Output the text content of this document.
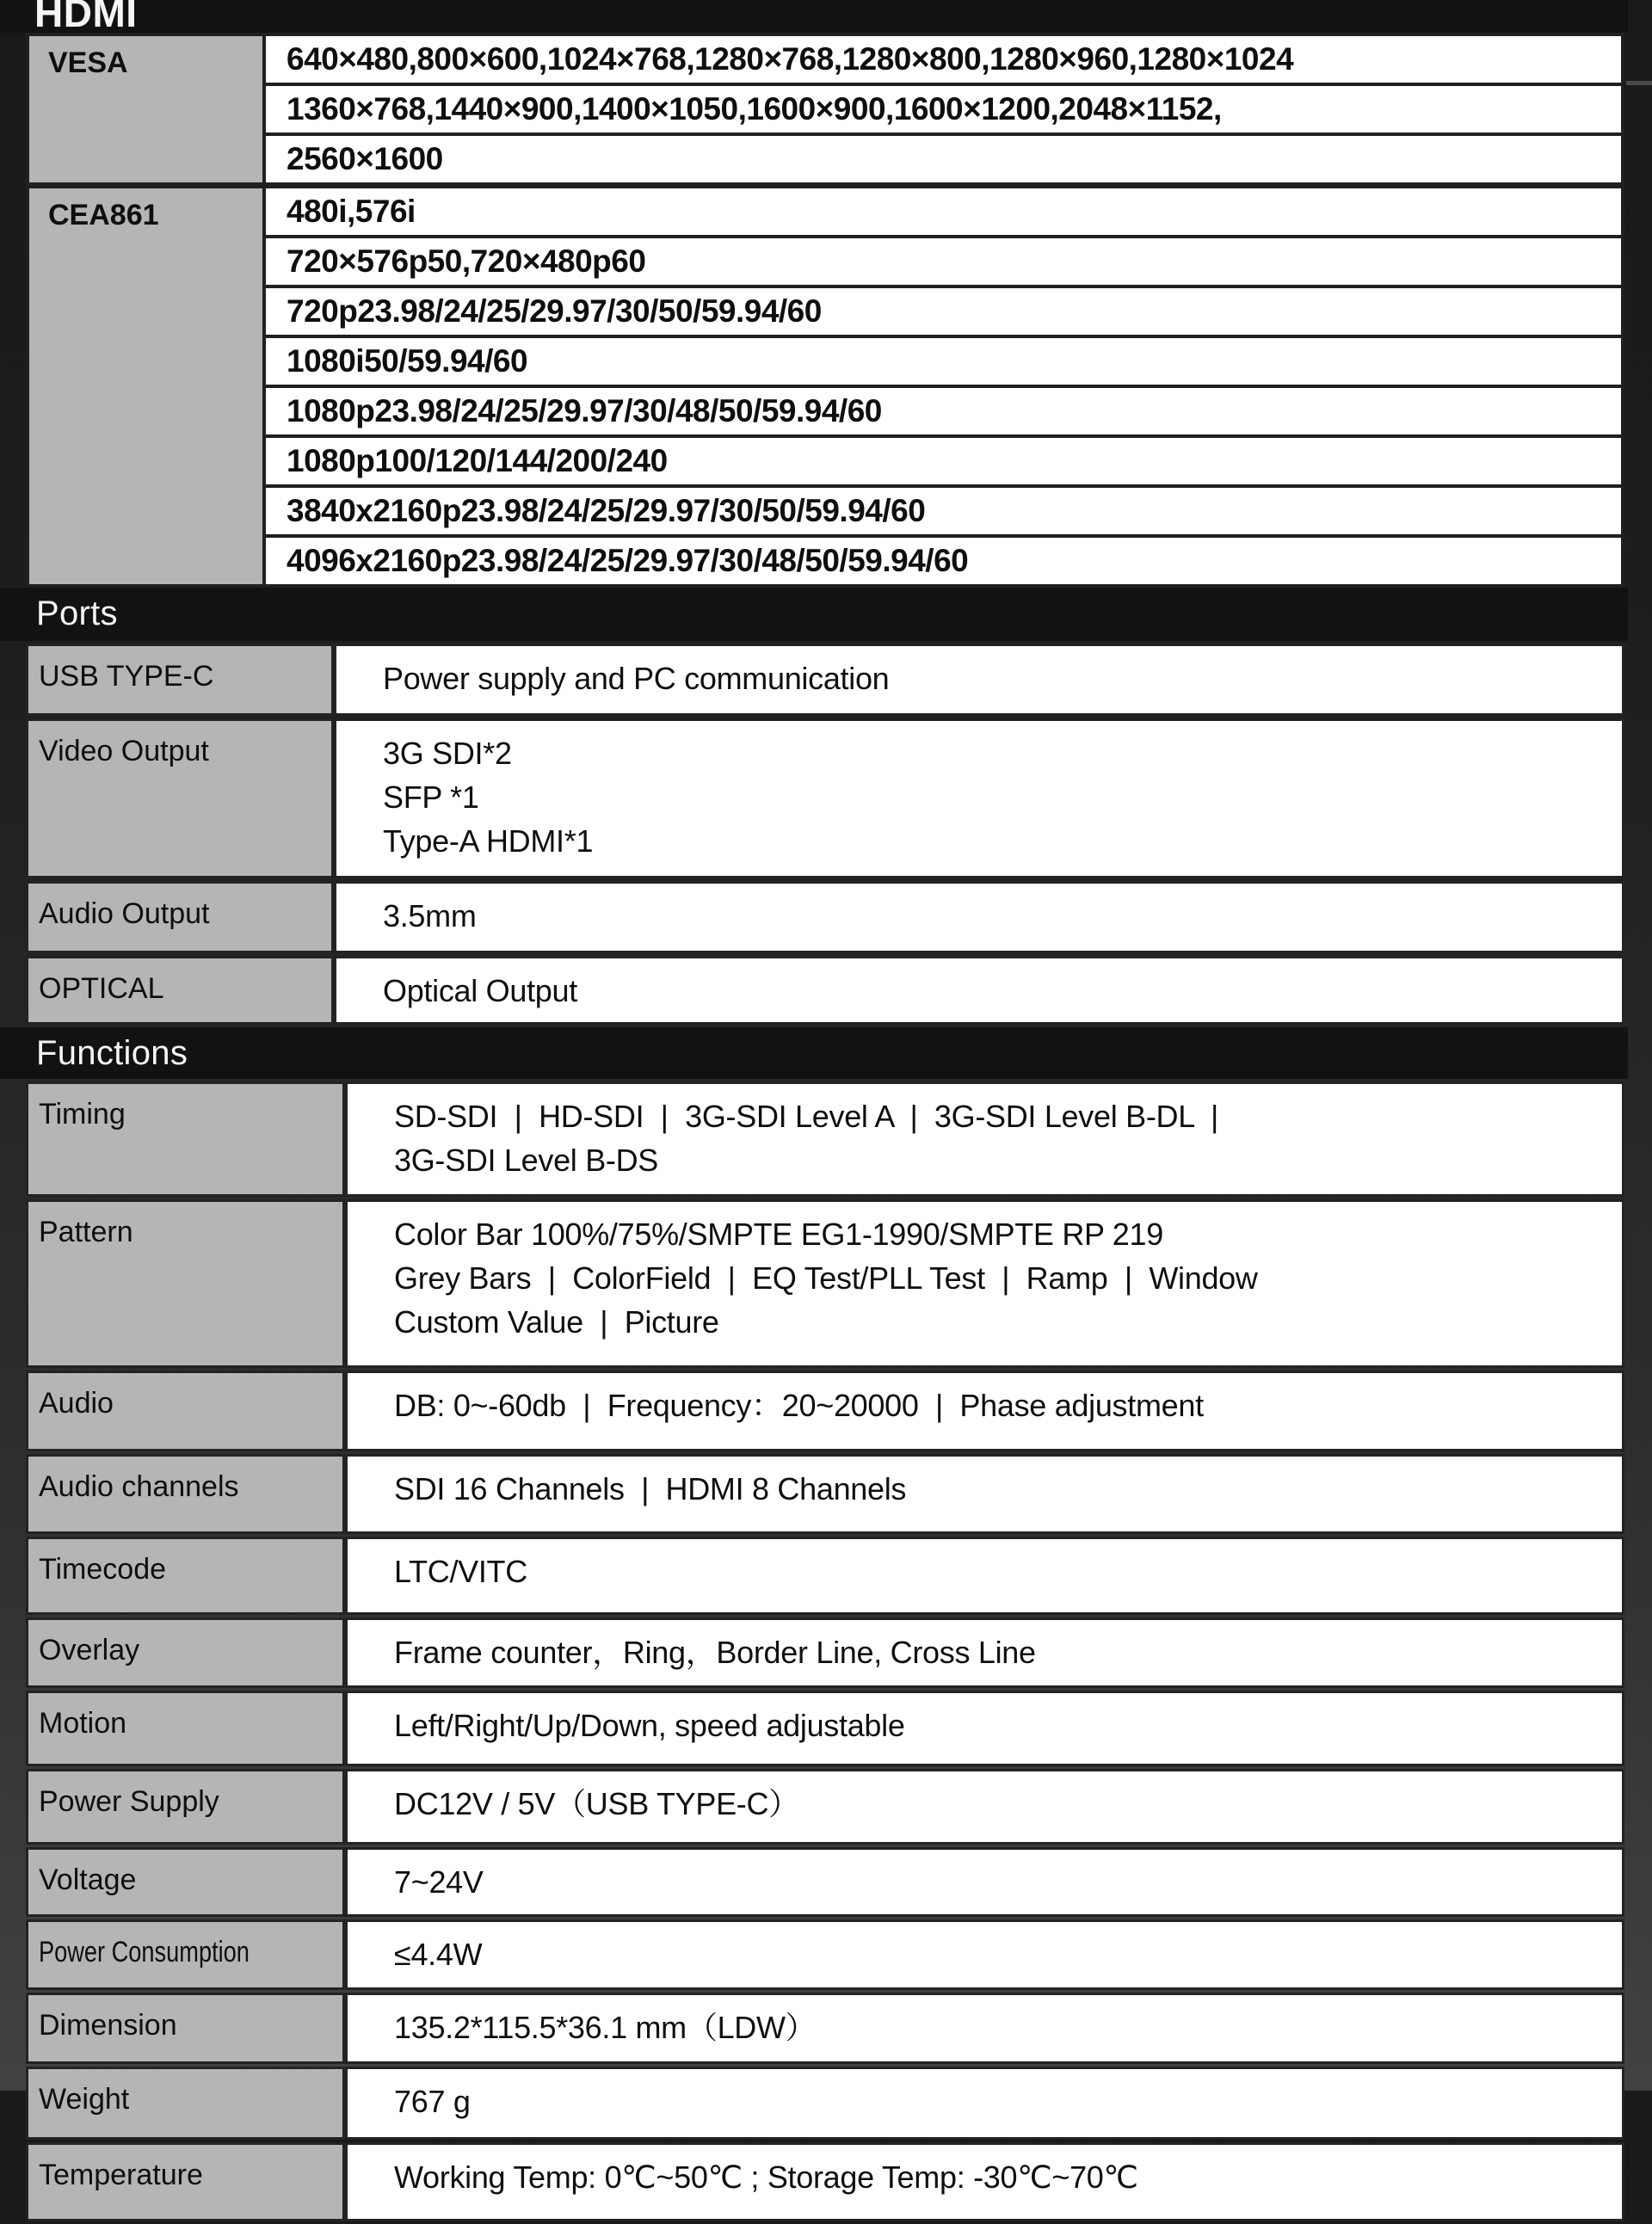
HDMI
VESA	640×480,800×600,1024×768,1280×768,1280×800,1280×960,1280×1024
	1360×768,1440×900,1400×1050,1600×900,1600×1200,2048×1152,
	2560×1600
CEA861	480i,576i
	720×576p50,720×480p60
	720p23.98/24/25/29.97/30/50/59.94/60
	1080i50/59.94/60
	1080p23.98/24/25/29.97/30/48/50/59.94/60
	1080p100/120/144/200/240
	3840x2160p23.98/24/25/29.97/30/50/59.94/60
	4096x2160p23.98/24/25/29.97/30/48/50/59.94/60
Ports
USB TYPE-C	Power supply and PC communication

Video Output	3G SDI*2
SFP *1
Type-A HDMI*1

Audio Output	3.5mm

OPTICAL	Optical Output
Functions
Timing	SD-SDI  |  HD-SDI  |  3G-SDI Level A  |  3G-SDI Level B-DL  |
3G-SDI Level B-DS

Pattern	Color Bar 100%/75%/SMPTE EG1-1990/SMPTE RP 219
Grey Bars  |  ColorField  |  EQ Test/PLL Test  |  Ramp  |  Window
Custom Value  |  Picture

Audio	DB: 0~-60db  |  Frequency：20~20000  |  Phase adjustment

Audio channels	SDI 16 Channels  |  HDMI 8 Channels

Timecode	LTC/VITC

Overlay	Frame counter，Ring，Border Line, Cross Line

Motion	Left/Right/Up/Down, speed adjustable

Power Supply	DC12V / 5V（USB TYPE-C）

Voltage	7~24V

Power Consumption	≤4.4W

Dimension	135.2*115.5*36.1 mm（LDW）

Weight	767 g

Temperature	Working Temp: 0℃~50℃ ; Storage Temp: -30℃~70℃
